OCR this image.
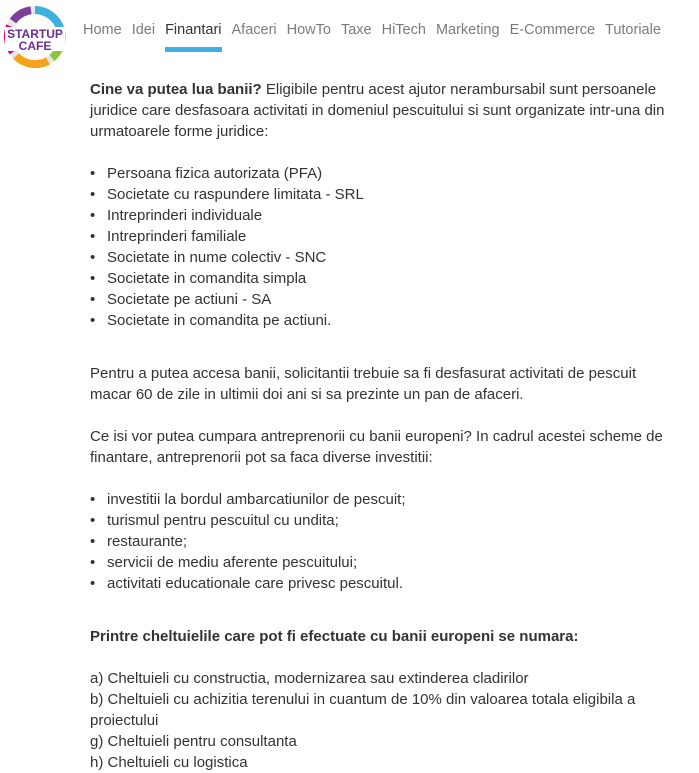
STARTUP
CAFE
Home Idei Finantari Afaceri HowTo Taxe HiTech Marketing E-Commerce Tutoriale

Cine va putea lua banii? Eligibile pentru acest ajutor nerambursabil sunt persoanele juridice care desfasoara activitati in domeniul pescuitului si sunt organizate intr-una din urmatoarele forme juridice:

• Persoana fizica autorizata (PFA)
• Societate cu raspundere limitata - SRL
• Intreprinderi individuale
• Intreprinderi familiale
• Societate in nume colectiv - SNC
• Societate in comandita simpla
• Societate pe actiuni - SA
• Societate in comandita pe actiuni.

Pentru a putea accesa banii, solicitantii trebuie sa fi desfasurat activitati de pescuit macar 60 de zile in ultimii doi ani si sa prezinte un pan de afaceri.

Ce isi vor putea cumpara antreprenorii cu banii europeni? In cadrul acestei scheme de finantare, antreprenorii pot sa faca diverse investitii:

• investitii la bordul ambarcatiunilor de pescuit;
• turismul pentru pescuitul cu undita;
• restaurante;
• servicii de mediu aferente pescuitului;
• activitati educationale care privesc pescuitul.

Printre cheltuielile care pot fi efectuate cu banii europeni se numara:

a) Cheltuieli cu constructia, modernizarea sau extinderea cladirilor
b) Cheltuieli cu achizitia terenului in cuantum de 10% din valoarea totala eligibila a proiectului
g) Cheltuieli pentru consultanta
h) Cheltuieli cu logistica
